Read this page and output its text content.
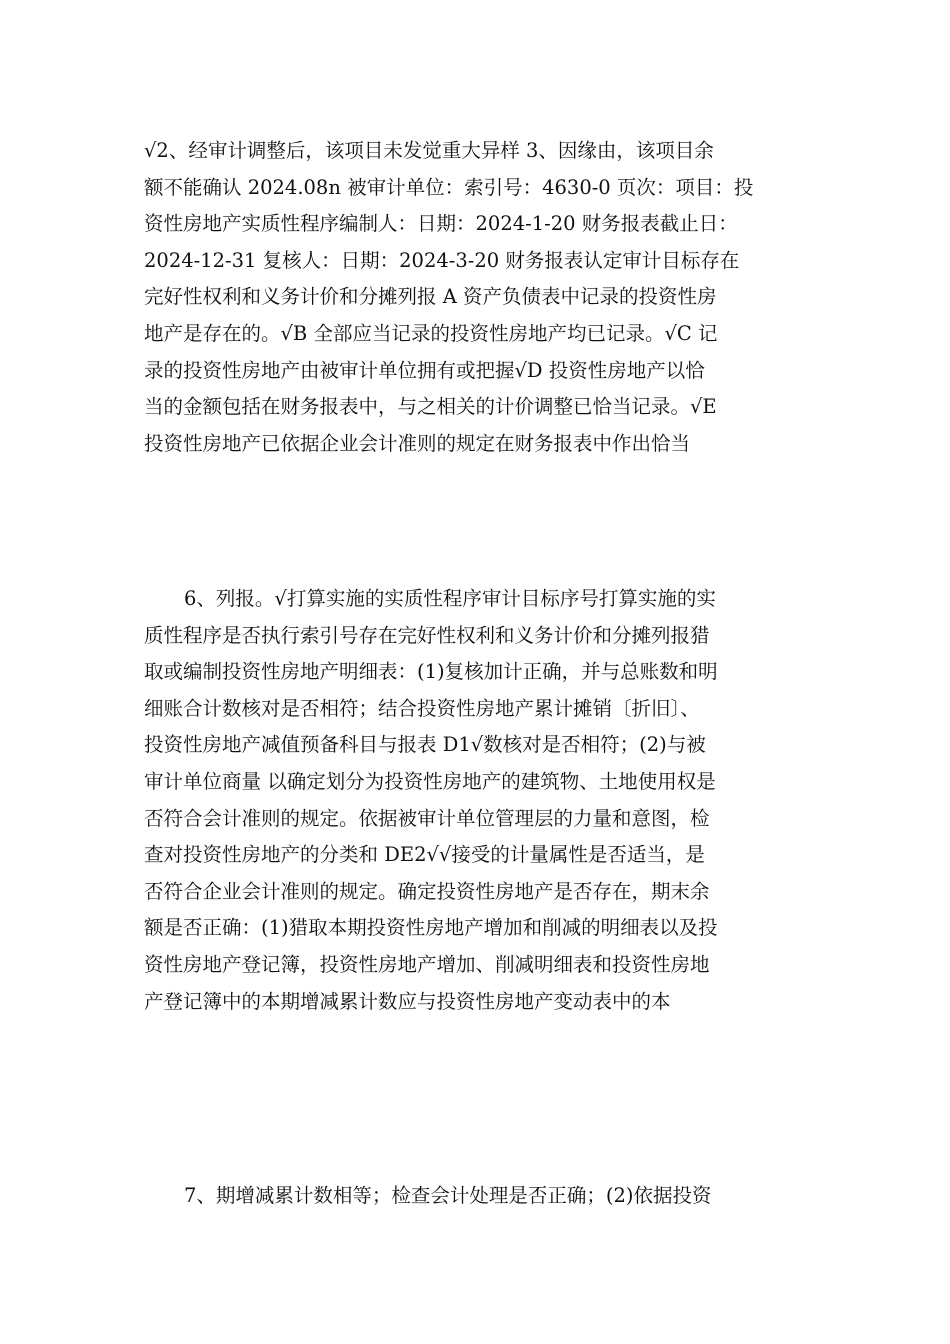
√2、经审计调整后，该项目未发觉重大异样 3、因缘由，该项目余
额不能确认 2024.08n 被审计单位：索引号：4630-0 页次：项目：投
资性房地产实质性程序编制人：日期：2024-1-20 财务报表截止日：
2024-12-31 复核人：日期：2024-3-20 财务报表认定审计目标存在
完好性权利和义务计价和分摊列报 A 资产负债表中记录的投资性房
地产是存在的。√B 全部应当记录的投资性房地产均已记录。√C 记
录的投资性房地产由被审计单位拥有或把握√D 投资性房地产以恰
当的金额包括在财务报表中，与之相关的计价调整已恰当记录。√E
投资性房地产已依据企业会计准则的规定在财务报表中作出恰当
6、列报。√打算实施的实质性程序审计目标序号打算实施的实
质性程序是否执行索引号存在完好性权利和义务计价和分摊列报猎
取或编制投资性房地产明细表：(1)复核加计正确，并与总账数和明
细账合计数核对是否相符；结合投资性房地产累计摊销〔折旧〕、
投资性房地产减值预备科目与报表 D1√数核对是否相符；(2)与被
审计单位商量 以确定划分为投资性房地产的建筑物、土地使用权是
否符合会计准则的规定。依据被审计单位管理层的力量和意图，检
查对投资性房地产的分类和 DE2√√接受的计量属性是否适当，是
否符合企业会计准则的规定。确定投资性房地产是否存在，期末余
额是否正确：(1)猎取本期投资性房地产增加和削减的明细表以及投
资性房地产登记簿，投资性房地产增加、削减明细表和投资性房地
产登记簿中的本期增减累计数应与投资性房地产变动表中的本
7、期增减累计数相等；检查会计处理是否正确；(2)依据投资
